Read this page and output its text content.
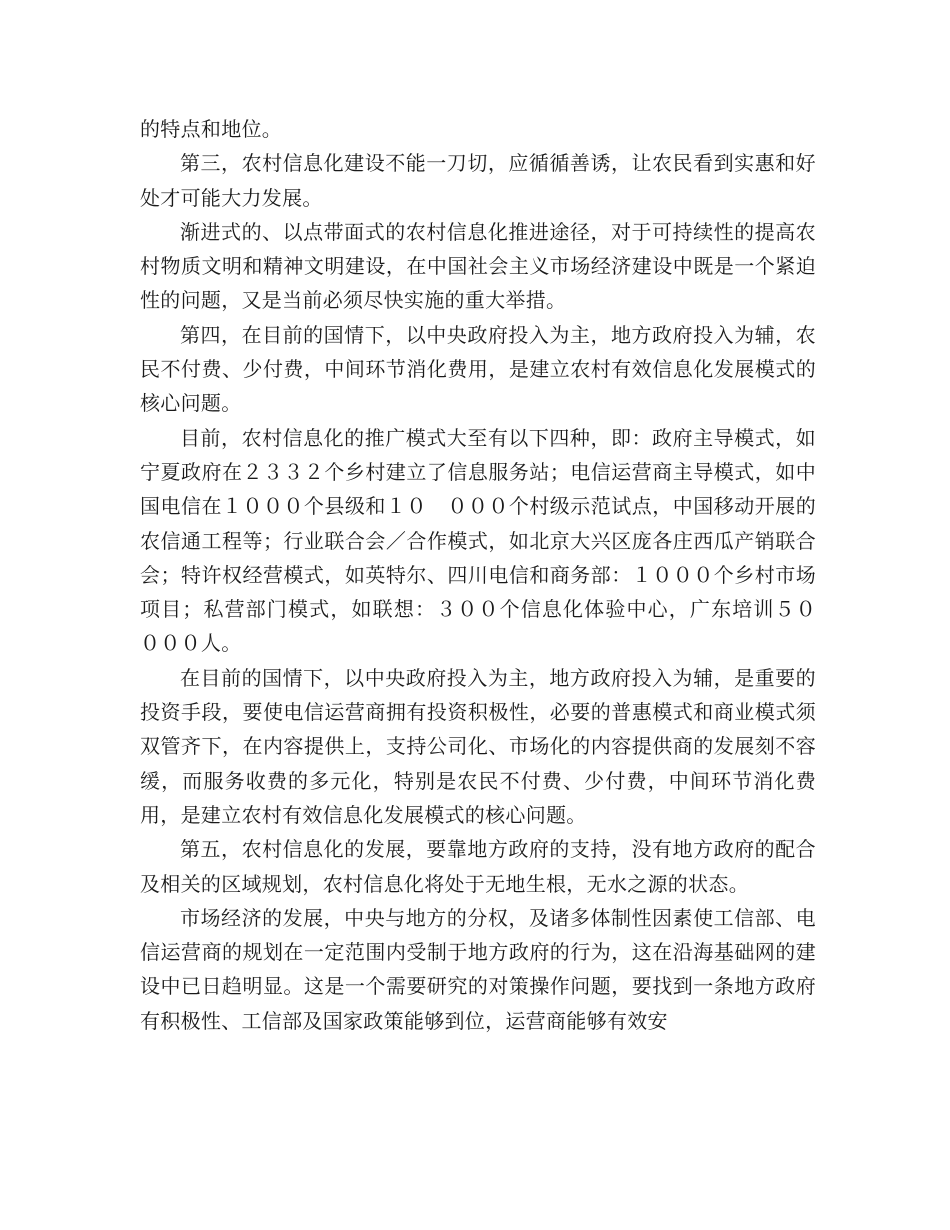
的特点和地位。

第三，农村信息化建设不能一刀切，应循循善诱，让农民看到实惠和好处才可能大力发展。

渐进式的、以点带面式的农村信息化推进途径，对于可持续性的提高农村物质文明和精神文明建设，在中国社会主义市场经济建设中既是一个紧迫性的问题，又是当前必须尽快实施的重大举措。

第四，在目前的国情下，以中央政府投入为主，地方政府投入为辅，农民不付费、少付费，中间环节消化费用，是建立农村有效信息化发展模式的核心问题。

目前，农村信息化的推广模式大至有以下四种，即：政府主导模式，如宁夏政府在２３３２个乡村建立了信息服务站；电信运营商主导模式，如中国电信在１０００个县级和１０　０００个村级示范试点，中国移动开展的农信通工程等；行业联合会／合作模式，如北京大兴区庞各庄西瓜产销联合会；特许权经营模式，如英特尔、四川电信和商务部：１０００个乡村市场项目；私营部门模式，如联想：３００个信息化体验中心，广东培训５０　０００人。

在目前的国情下，以中央政府投入为主，地方政府投入为辅，是重要的投资手段，要使电信运营商拥有投资积极性，必要的普惠模式和商业模式须双管齐下，在内容提供上，支持公司化、市场化的内容提供商的发展刻不容缓，而服务收费的多元化，特别是农民不付费、少付费，中间环节消化费用，是建立农村有效信息化发展模式的核心问题。

第五，农村信息化的发展，要靠地方政府的支持，没有地方政府的配合及相关的区域规划，农村信息化将处于无地生根，无水之源的状态。

市场经济的发展，中央与地方的分权，及诸多体制性因素使工信部、电信运营商的规划在一定范围内受制于地方政府的行为，这在沿海基础网的建设中已日趋明显。这是一个需要研究的对策操作问题，要找到一条地方政府有积极性、工信部及国家政策能够到位，运营商能够有效安
